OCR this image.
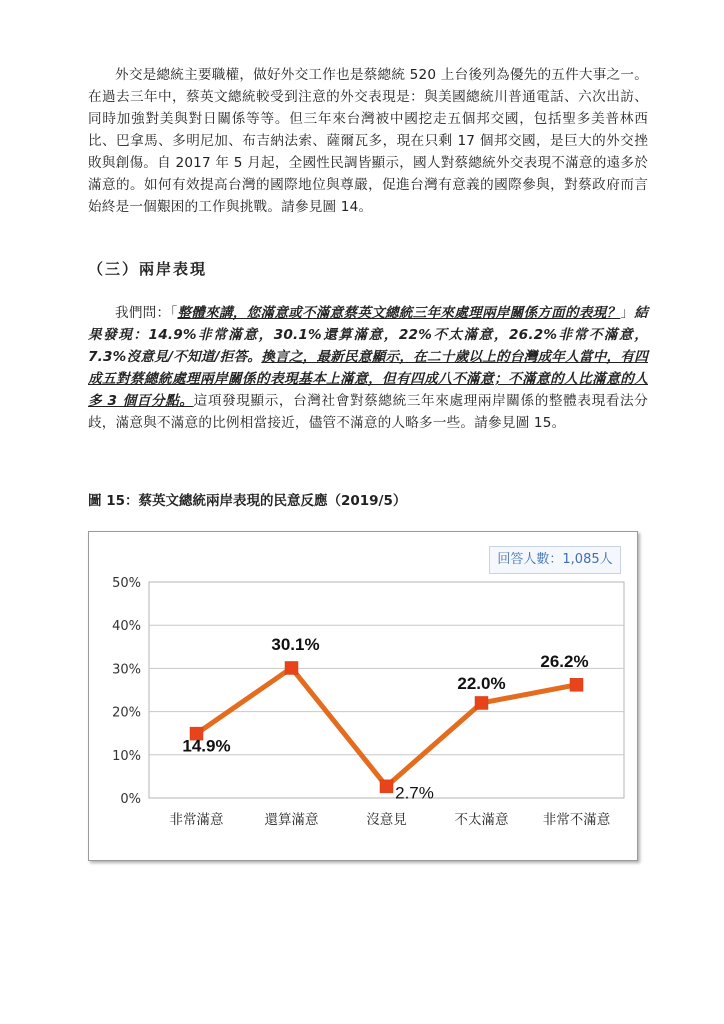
外交是總統主要職權，做好外交工作也是蔡總統 520 上台後列為優先的五件大事之一。在過去三年中，蔡英文總統較受到注意的外交表現是：與美國總統川普通電話、六次出訪、同時加強對美與對日關係等等。但三年來台灣被中國挖走五個邦交國，包括聖多美普林西比、巴拿馬、多明尼加、布吉納法索、薩爾瓦多，現在只剩 17 個邦交國，是巨大的外交挫敗與創傷。自 2017 年 5 月起，全國性民調皆顯示，國人對蔡總統外交表現不滿意的遠多於滿意的。如何有效提高台灣的國際地位與尊嚴，促進台灣有意義的國際參與，對蔡政府而言始終是一個艱困的工作與挑戰。請參見圖 14。
（三）兩岸表現
我們問：「整體來講，您滿意或不滿意蔡英文總統三年來處理兩岸關係方面的表現？」結果發現：14.9%非常滿意，30.1%還算滿意，22%不太滿意，26.2%非常不滿意，7.3%沒意見/不知道/拒答。換言之，最新民意顯示，在二十歲以上的台灣成年人當中，有四成五對蔡總統處理兩岸關係的表現基本上滿意，但有四成八不滿意；不滿意的人比滿意的人多 3 個百分點。這項發現顯示，台灣社會對蔡總統三年來處理兩岸關係的整體表現看法分歧，滿意與不滿意的比例相當接近，儘管不滿意的人略多一些。請參見圖 15。
圖 15：蔡英文總統兩岸表現的民意反應（2019/5）
回答人數：1,085人
0%
10%
20%
30%
40%
50%
非常滿意	還算滿意	沒意見	不太滿意	非常不滿意
14.9%
30.1%
2.7%
22.0%
26.2%
